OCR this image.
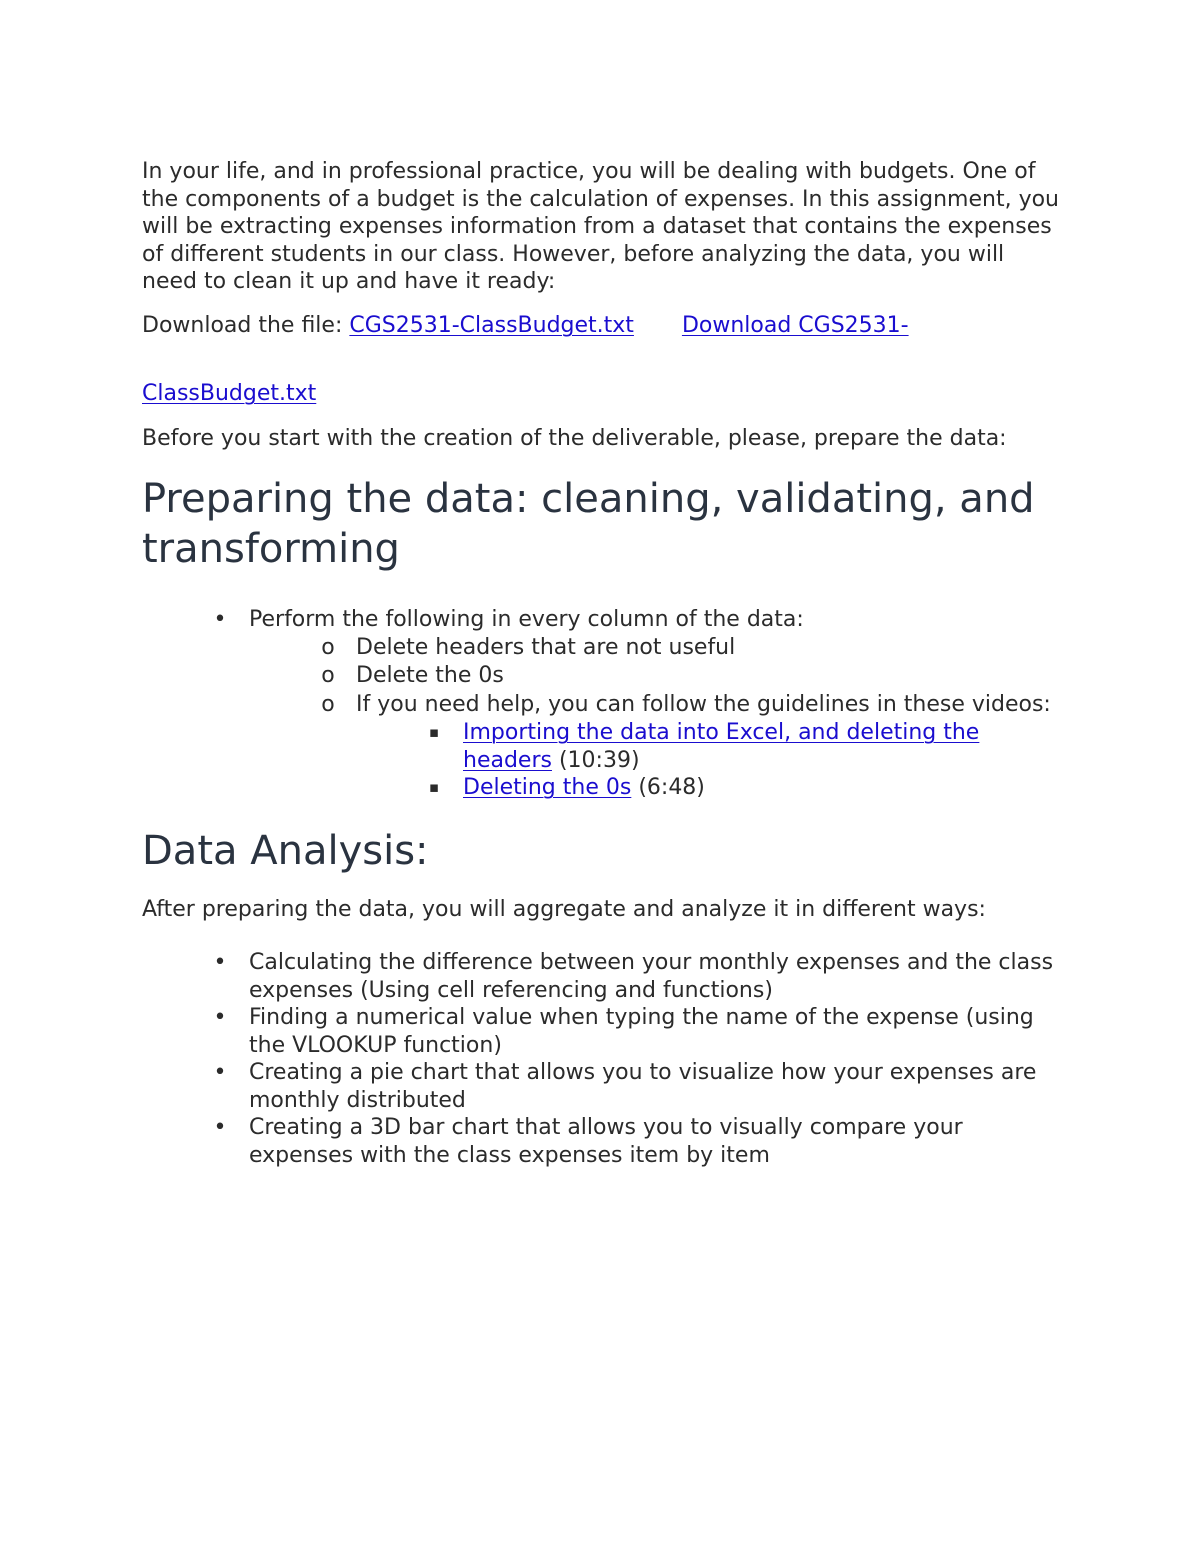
In your life, and in professional practice, you will be dealing with budgets. One of the components of a budget is the calculation of expenses. In this assignment, you will be extracting expenses information from a dataset that contains the expenses of different students in our class. However, before analyzing the data, you will need to clean it up and have it ready:

Download the file: CGS2531-ClassBudget.txt Download CGS2531-

ClassBudget.txt

Before you start with the creation of the deliverable, please, prepare the data:

Preparing the data: cleaning, validating, and transforming
• Perform the following in every column of the data:
o Delete headers that are not useful
o Delete the 0s
o If you need help, you can follow the guidelines in these videos:
▪ Importing the data into Excel, and deleting the headers (10:39)
▪ Deleting the 0s (6:48)
Data Analysis:

After preparing the data, you will aggregate and analyze it in different ways:

• Calculating the difference between your monthly expenses and the class expenses (Using cell referencing and functions)
• Finding a numerical value when typing the name of the expense (using the VLOOKUP function)
• Creating a pie chart that allows you to visualize how your expenses are monthly distributed
• Creating a 3D bar chart that allows you to visually compare your expenses with the class expenses item by item
